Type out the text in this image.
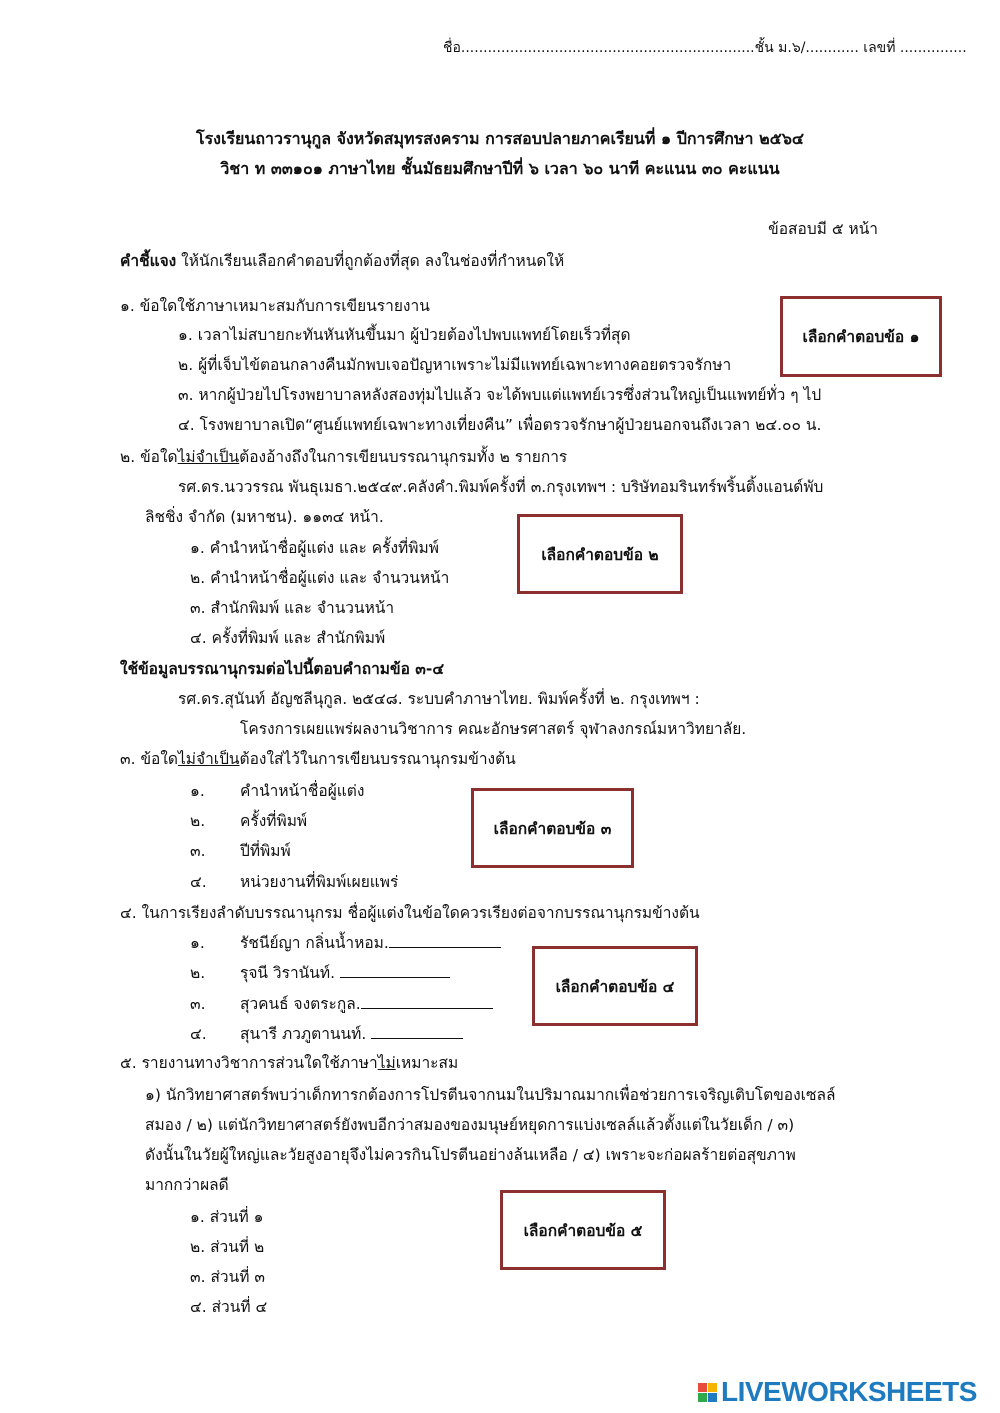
ชื่อ..................................................................ชั้น ม.๖/............ เลขที่ ...............
โรงเรียนถาวรานุกูล จังหวัดสมุทรสงคราม การสอบปลายภาคเรียนที่ ๑ ปีการศึกษา ๒๕๖๔
วิชา ท ๓๓๑๐๑ ภาษาไทย ชั้นมัธยมศึกษาปีที่ ๖ เวลา ๖๐ นาที คะแนน ๓๐ คะแนน
ข้อสอบมี ๕ หน้า
คำชี้แจง ให้นักเรียนเลือกคำตอบที่ถูกต้องที่สุด ลงในช่องที่กำหนดให้
๑. ข้อใดใช้ภาษาเหมาะสมกับการเขียนรายงาน
๑. เวลาไม่สบายกะทันหันหันขึ้นมา ผู้ป่วยต้องไปพบแพทย์โดยเร็วที่สุด
๒. ผู้ที่เจ็บไข้ตอนกลางคืนมักพบเจอปัญหาเพราะไม่มีแพทย์เฉพาะทางคอยตรวจรักษา
๓. หากผู้ป่วยไปโรงพยาบาลหลังสองทุ่มไปแล้ว จะได้พบแต่แพทย์เวรซึ่งส่วนใหญ่เป็นแพทย์ทั่ว ๆ ไป
๔. โรงพยาบาลเปิด“ศูนย์แพทย์เฉพาะทางเที่ยงคืน” เพื่อตรวจรักษาผู้ป่วยนอกจนถึงเวลา ๒๔.๐๐ น.
เลือกคำตอบข้อ ๑
๒. ข้อใดไม่จำเป็นต้องอ้างถึงในการเขียนบรรณานุกรมทั้ง ๒ รายการ
รศ.ดร.นววรรณ พันธุเมธา.๒๕๔๙.คลังคำ.พิมพ์ครั้งที่ ๓.กรุงเทพฯ : บริษัทอมรินทร์พริ้นติ้งแอนด์พับ
ลิชชิ่ง จำกัด (มหาชน). ๑๑๓๔ หน้า.
๑. คำนำหน้าชื่อผู้แต่ง และ ครั้งที่พิมพ์
๒. คำนำหน้าชื่อผู้แต่ง และ จำนวนหน้า
๓. สำนักพิมพ์ และ จำนวนหน้า
๔. ครั้งที่พิมพ์ และ สำนักพิมพ์
เลือกคำตอบข้อ ๒
ใช้ข้อมูลบรรณานุกรมต่อไปนี้ตอบคำถามข้อ ๓-๔
รศ.ดร.สุนันท์ อัญชลีนุกูล. ๒๕๔๘. ระบบคำภาษาไทย. พิมพ์ครั้งที่ ๒. กรุงเทพฯ :
โครงการเผยแพร่ผลงานวิชาการ คณะอักษรศาสตร์ จุฬาลงกรณ์มหาวิทยาลัย.
๓. ข้อใดไม่จำเป็นต้องใส่ไว้ในการเขียนบรรณานุกรมข้างต้น
๑. คำนำหน้าชื่อผู้แต่ง
๒. ครั้งที่พิมพ์
๓. ปีที่พิมพ์
๔. หน่วยงานที่พิมพ์เผยแพร่
เลือกคำตอบข้อ ๓
๔. ในการเรียงลำดับบรรณานุกรม ชื่อผู้แต่งในข้อใดควรเรียงต่อจากบรรณานุกรมข้างต้น
๑. รัชนีย์ญา กลิ่นน้ำหอม.
๒. รุจนี วิรานันท์.
๓. สุวคนธ์ จงตระกูล.
๔. สุนารี ภวภูตานนท์.
เลือกคำตอบข้อ ๔
๕. รายงานทางวิชาการส่วนใดใช้ภาษาไม่เหมาะสม
๑) นักวิทยาศาสตร์พบว่าเด็กทารกต้องการโปรตีนจากนมในปริมาณมากเพื่อช่วยการเจริญเติบโตของเซลล์
สมอง / ๒) แต่นักวิทยาศาสตร์ยังพบอีกว่าสมองของมนุษย์หยุดการแบ่งเซลล์แล้วตั้งแต่ในวัยเด็ก / ๓)
ดังนั้นในวัยผู้ใหญ่และวัยสูงอายุจึงไม่ควรกินโปรตีนอย่างล้นเหลือ / ๔) เพราะจะก่อผลร้ายต่อสุขภาพ
มากกว่าผลดี
๑. ส่วนที่ ๑
๒. ส่วนที่ ๒
๓. ส่วนที่ ๓
๔. ส่วนที่ ๔
เลือกคำตอบข้อ ๕
LIVEWORKSHEETS
